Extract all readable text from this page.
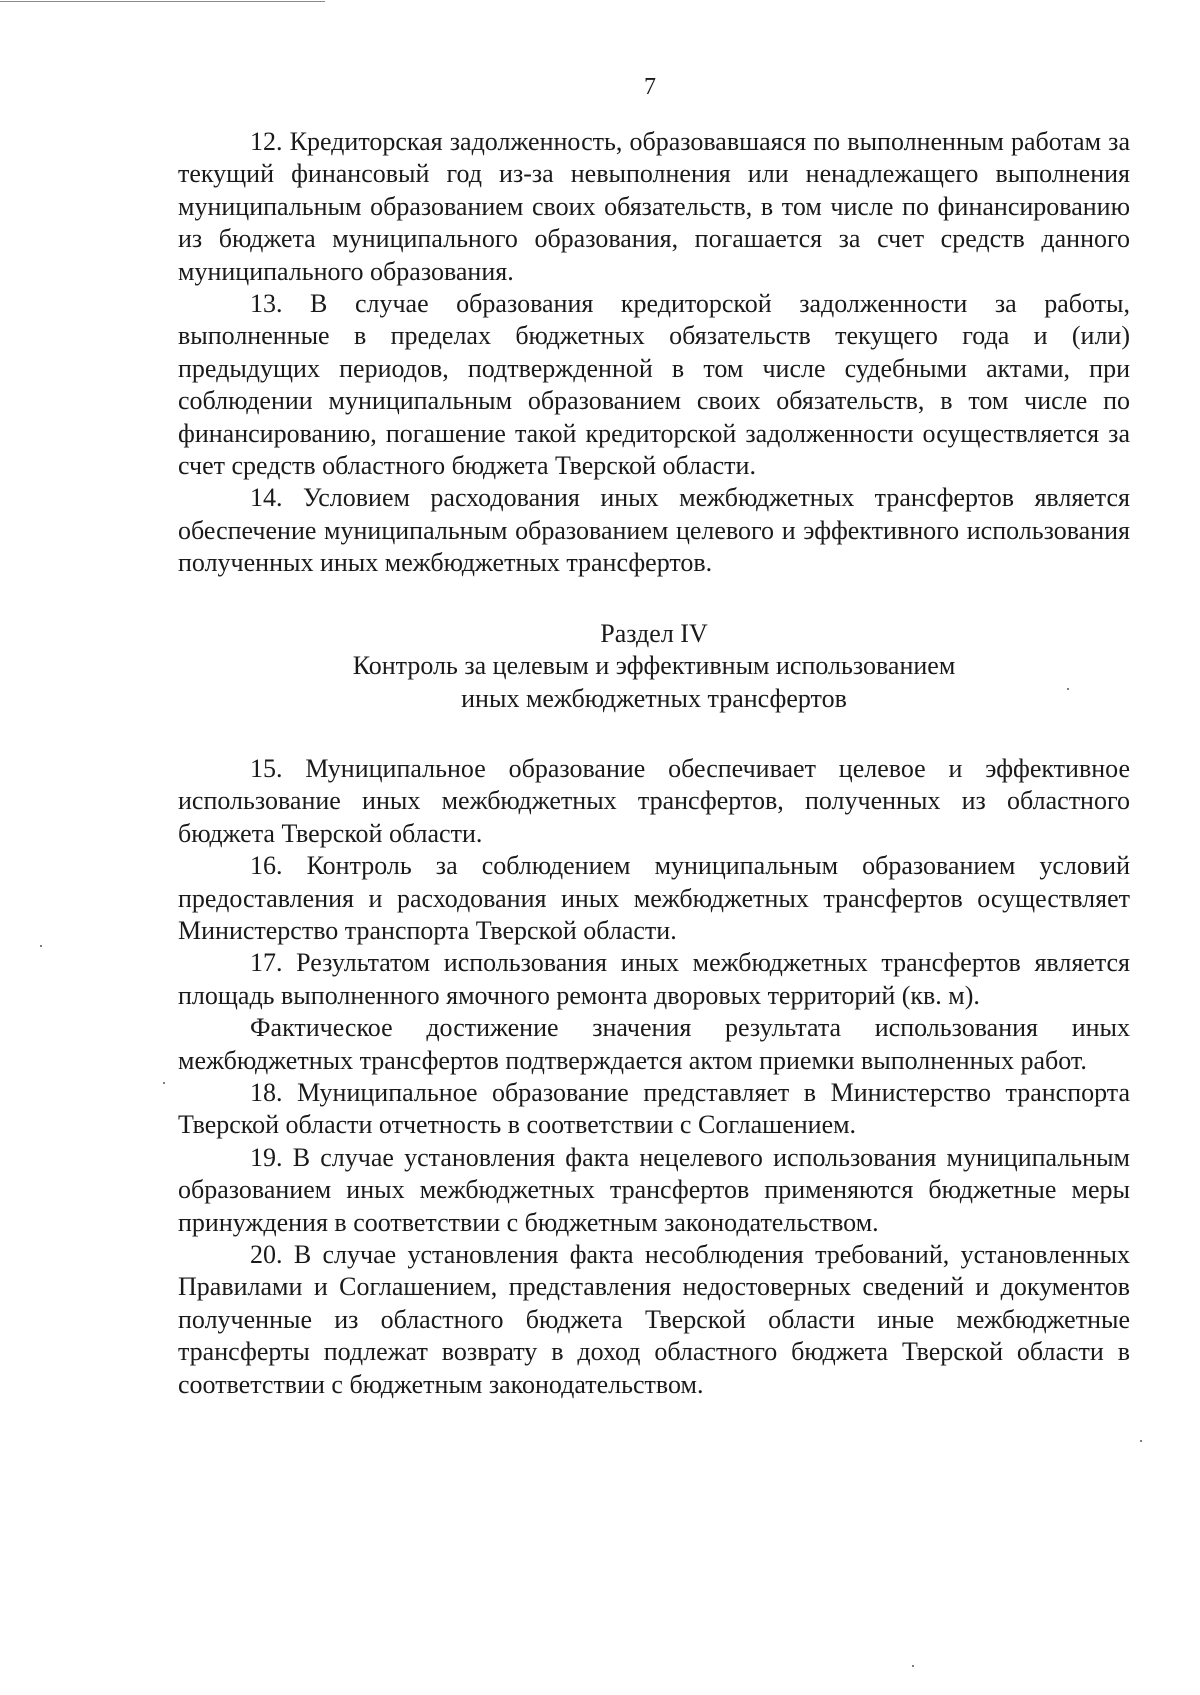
7

12. Кредиторская задолженность, образовавшаяся по выполненным работам за текущий финансовый год из-за невыполнения или ненадлежащего выполнения муниципальным образованием своих обязательств, в том числе по финансированию из бюджета муниципального образования, погашается за счет средств данного муниципального образования.

13. В случае образования кредиторской задолженности за работы, выполненные в пределах бюджетных обязательств текущего года и (или) предыдущих периодов, подтвержденной в том числе судебными актами, при соблюдении муниципальным образованием своих обязательств, в том числе по финансированию, погашение такой кредиторской задолженности осуществляется за счет средств областного бюджета Тверской области.

14. Условием расходования иных межбюджетных трансфертов является обеспечение муниципальным образованием целевого и эффективного использования полученных иных межбюджетных трансфертов.

Раздел IV
Контроль за целевым и эффективным использованием
иных межбюджетных трансфертов

15. Муниципальное образование обеспечивает целевое и эффективное использование иных межбюджетных трансфертов, полученных из областного бюджета Тверской области.

16. Контроль за соблюдением муниципальным образованием условий предоставления и расходования иных межбюджетных трансфертов осуществляет Министерство транспорта Тверской области.

17. Результатом использования иных межбюджетных трансфертов является площадь выполненного ямочного ремонта дворовых территорий (кв. м).

Фактическое достижение значения результата использования иных межбюджетных трансфертов подтверждается актом приемки выполненных работ.

18. Муниципальное образование представляет в Министерство транспорта Тверской области отчетность в соответствии с Соглашением.

19. В случае установления факта нецелевого использования муниципальным образованием иных межбюджетных трансфертов применяются бюджетные меры принуждения в соответствии с бюджетным законодательством.

20. В случае установления факта несоблюдения требований, установленных Правилами и Соглашением, представления недостоверных сведений и документов полученные из областного бюджета Тверской области иные межбюджетные трансферты подлежат возврату в доход областного бюджета Тверской области в соответствии с бюджетным законодательством.
